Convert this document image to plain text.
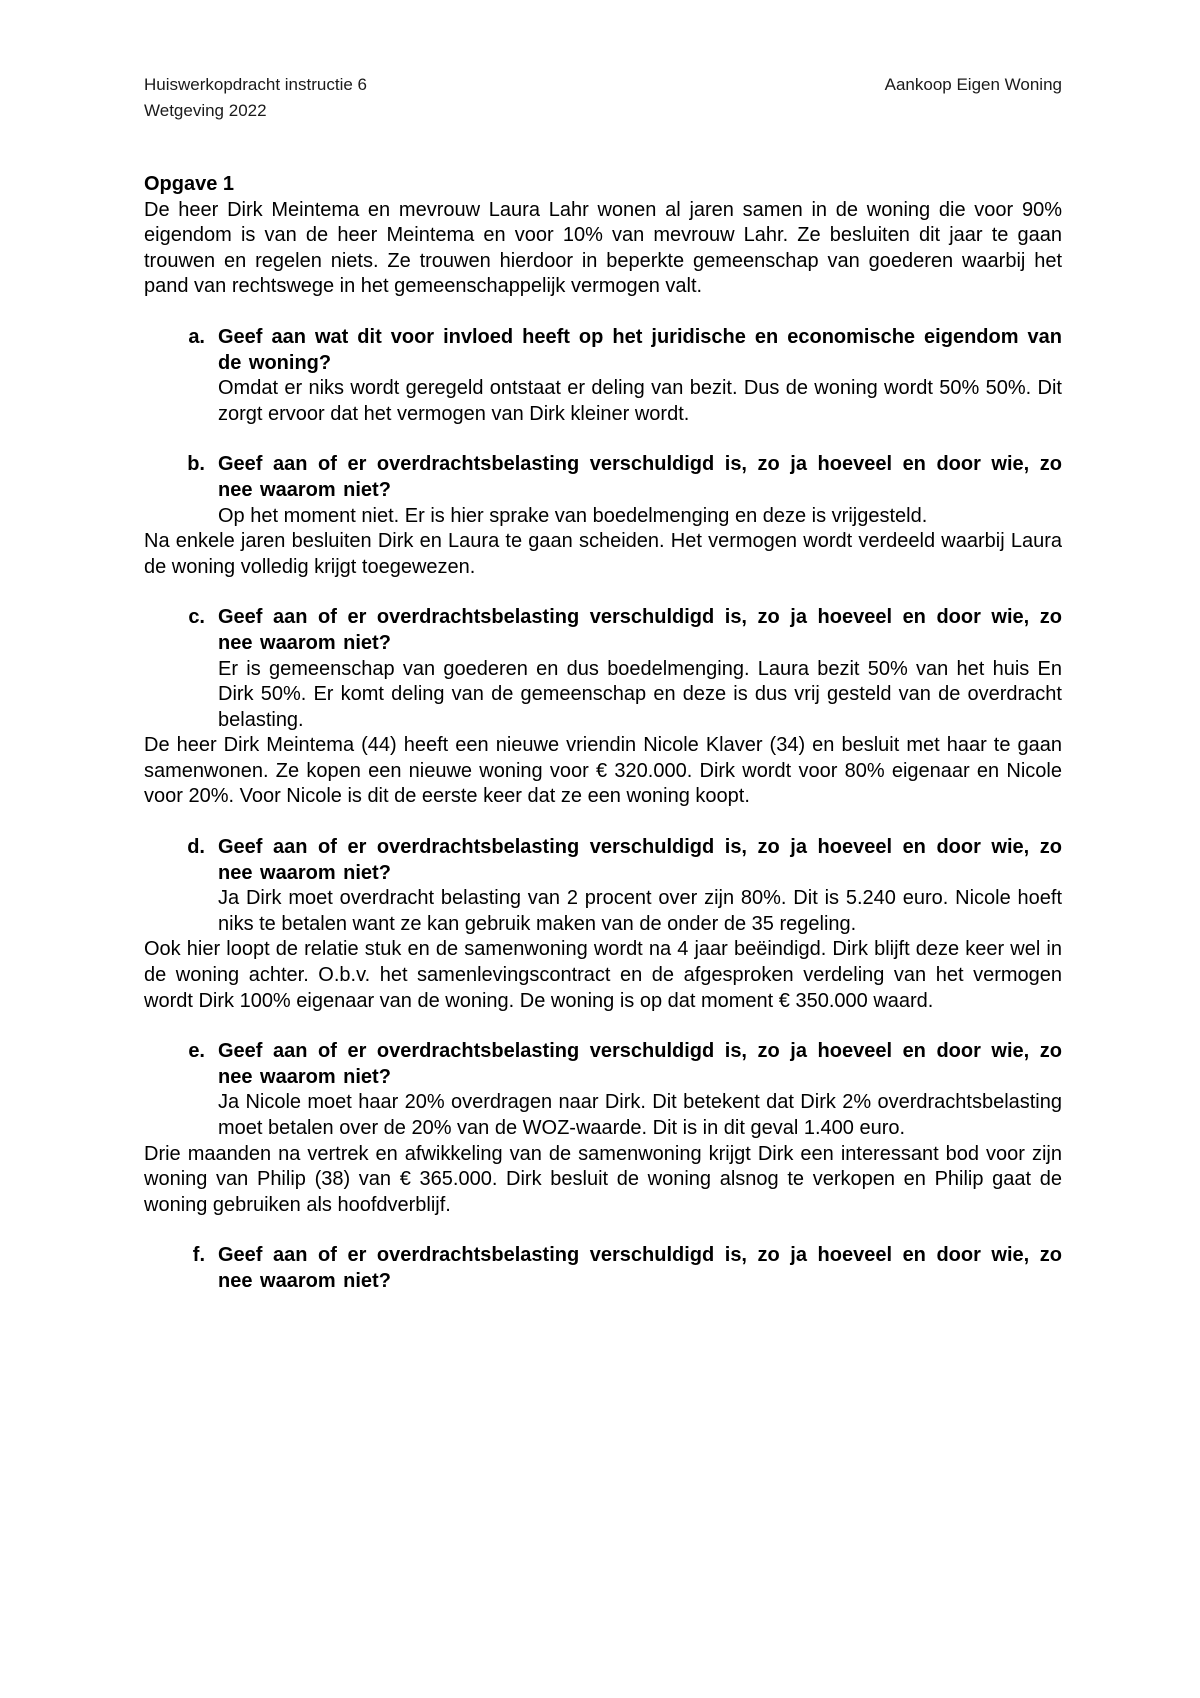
Huiswerkopdracht instructie 6
Wetgeving 2022
Aankoop Eigen Woning

Opgave 1

De heer Dirk Meintema en mevrouw Laura Lahr wonen al jaren samen in de woning die voor 90% eigendom is van de heer Meintema en voor 10% van mevrouw Lahr. Ze besluiten dit jaar te gaan trouwen en regelen niets. Ze trouwen hierdoor in beperkte gemeenschap van goederen waarbij het pand van rechtswege in het gemeenschappelijk vermogen valt.

a. Geef aan wat dit voor invloed heeft op het juridische en economische eigendom van de woning?

Omdat er niks wordt geregeld ontstaat er deling van bezit. Dus de woning wordt 50% 50%. Dit zorgt ervoor dat het vermogen van Dirk kleiner wordt.

b. Geef aan of er overdrachtsbelasting verschuldigd is, zo ja hoeveel en door wie, zo nee waarom niet?

Op het moment niet. Er is hier sprake van boedelmenging en deze is vrijgesteld.

Na enkele jaren besluiten Dirk en Laura te gaan scheiden. Het vermogen wordt verdeeld waarbij Laura de woning volledig krijgt toegewezen.

c. Geef aan of er overdrachtsbelasting verschuldigd is, zo ja hoeveel en door wie, zo nee waarom niet?

Er is gemeenschap van goederen en dus boedelmenging. Laura bezit 50% van het huis En Dirk 50%. Er komt deling van de gemeenschap en deze is dus vrij gesteld van de overdracht belasting.

De heer Dirk Meintema (44) heeft een nieuwe vriendin Nicole Klaver (34) en besluit met haar te gaan samenwonen. Ze kopen een nieuwe woning voor € 320.000. Dirk wordt voor 80% eigenaar en Nicole voor 20%. Voor Nicole is dit de eerste keer dat ze een woning koopt.

d. Geef aan of er overdrachtsbelasting verschuldigd is, zo ja hoeveel en door wie, zo nee waarom niet?

Ja Dirk moet overdracht belasting van 2 procent over zijn 80%. Dit is 5.240 euro. Nicole hoeft niks te betalen want ze kan gebruik maken van de onder de 35 regeling.

Ook hier loopt de relatie stuk en de samenwoning wordt na 4 jaar beëindigd. Dirk blijft deze keer wel in de woning achter. O.b.v. het samenlevingscontract en de afgesproken verdeling van het vermogen wordt Dirk 100% eigenaar van de woning. De woning is op dat moment € 350.000 waard.

e. Geef aan of er overdrachtsbelasting verschuldigd is, zo ja hoeveel en door wie, zo nee waarom niet?

Ja Nicole moet haar 20% overdragen naar Dirk. Dit betekent dat Dirk 2% overdrachtsbelasting moet betalen over de 20% van de WOZ-waarde. Dit is in dit geval 1.400 euro.

Drie maanden na vertrek en afwikkeling van de samenwoning krijgt Dirk een interessant bod voor zijn woning van Philip (38) van € 365.000. Dirk besluit de woning alsnog te verkopen en Philip gaat de woning gebruiken als hoofdverblijf.

f. Geef aan of er overdrachtsbelasting verschuldigd is, zo ja hoeveel en door wie, zo nee waarom niet?
